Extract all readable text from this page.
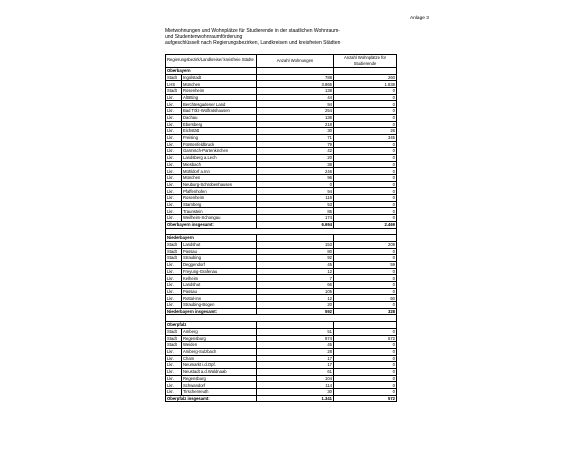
Anlage 3
Mietwohnungen und Wohnplätze für Studierende in der staatlichen Wohnraum-
und Studentenwohnraumförderung
aufgeschlüsselt nach Regierungsbezirken, Landkreisen und kreisfreien Städten
Regierungsbezirk/Landkreise/ kreisfreie Städte		Anzahl Wohnungen	Anzahl Wohnplätze für Studierende
Oberbayern			
Stadt	Ingolstadt	788	260
LHS	München	3.865	1.838
Stadt	Rosenheim	138	0
Lkr.	Altötting	44	0
Lkr.	Berchtesgadener Land	94	0
Lkr.	Bad Tölz-Wolfratshausen	254	0
Lkr.	Dachau	136	0
Lkr.	Ebersberg	218	0
Lkr.	Eichstätt	30	26
Lkr.	Freising	71	345
Lkr.	Fürstenfeldbruck	79	0
Lkr.	Garmisch-Partenkirchen	42	0
Lkr.	Landsberg a.Lech	20	0
Lkr.	Miesbach	38	0
Lkr.	Mühldorf a.Inn	246	0
Lkr.	München	96	0
Lkr.	Neuburg-Schrobenhausen	0	0
Lkr.	Pfaffenhofen	94	0
Lkr.	Rosenheim	116	0
Lkr.	Starnberg	53	0
Lkr.	Traunstein	85	0
Lkr.	Weilheim-Schongau	174	0
Oberbayern insgesamt:		6.694	2.469

Niederbayern			
Stadt	Landshut	153	209
Stadt	Passau	80	0
Stadt	Straubing	92	0
Lkr.	Deggendorf	45	59
Lkr.	Freyung-Grafenau	12	0
Lkr.	Kelheim	7	0
Lkr.	Landshut	66	0
Lkr.	Passau	105	0
Lkr.	Rottal-Inn	12	60
Lkr.	Straubing-Bogen	20	0
Niederbayern insgesamt:		592	328

Oberpfalz			
Stadt	Amberg	51	0
Stadt	Regensburg	874	572
Stadt	Weiden	45	0
Lkr.	Amberg-Sulzbach	28	0
Lkr.	Cham	17	0
Lkr.	Neumarkt i.d.Opf.	17	0
Lkr.	Neustadt a.d.Waldnaab	61	0
Lkr.	Regensburg	104	0
Lkr.	Schwandorf	114	0
Lkr.	Tirschenreuth	30	0
Oberpfalz insgesamt:		1.341	572
